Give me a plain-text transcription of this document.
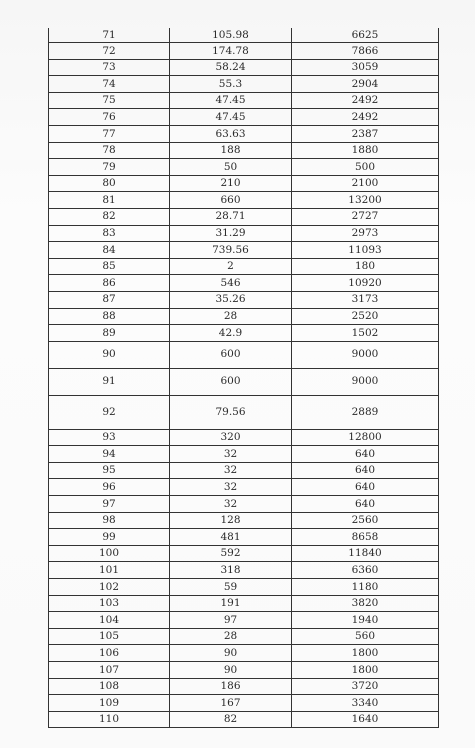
71	105.98	6625
72	174.78	7866
73	58.24	3059
74	55.3	2904
75	47.45	2492
76	47.45	2492
77	63.63	2387
78	188	1880
79	50	500
80	210	2100
81	660	13200
82	28.71	2727
83	31.29	2973
84	739.56	11093
85	2	180
86	546	10920
87	35.26	3173
88	28	2520
89	42.9	1502
90	600	9000
91	600	9000
92	79.56	2889
93	320	12800
94	32	640
95	32	640
96	32	640
97	32	640
98	128	2560
99	481	8658
100	592	11840
101	318	6360
102	59	1180
103	191	3820
104	97	1940
105	28	560
106	90	1800
107	90	1800
108	186	3720
109	167	3340
110	82	1640
